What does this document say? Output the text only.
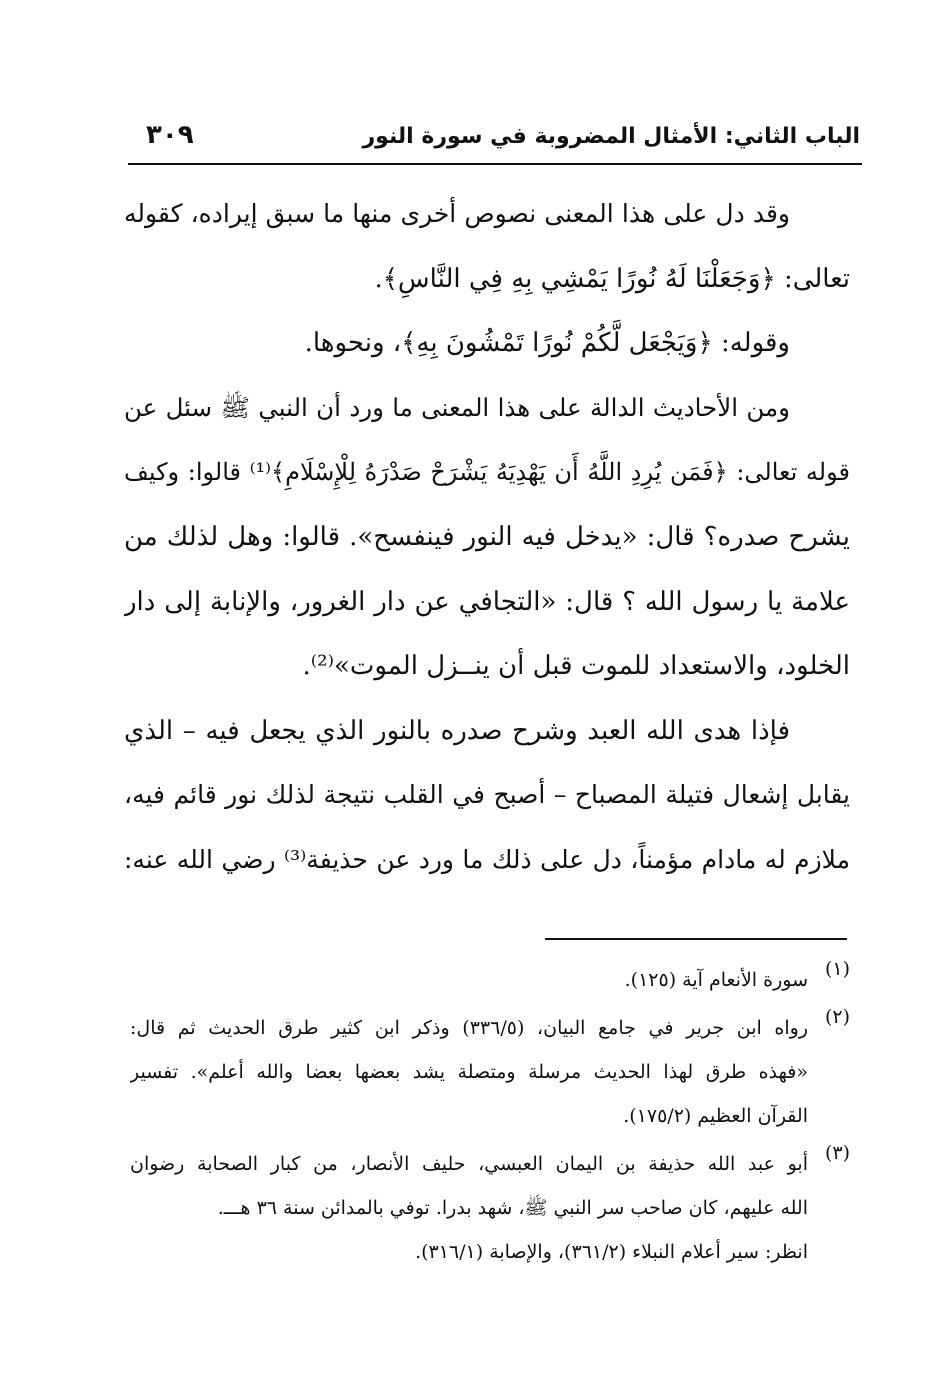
الباب الثاني: الأمثال المضروبة في سورة النور
٣٠٩
وقد دل على هذا المعنى نصوص أخرى منها ما سبق إيراده، كقوله
تعالى: ﴿وَجَعَلْنَا لَهُ نُورًا يَمْشِي بِهِ فِي النَّاسِ﴾.
وقوله: ﴿وَيَجْعَل لَّكُمْ نُورًا تَمْشُونَ بِهِ﴾، ونحوها.
ومن الأحاديث الدالة على هذا المعنى ما ورد أن النبي ﷺ سئل عن
قوله تعالى: ﴿فَمَن يُرِدِ اللَّهُ أَن يَهْدِيَهُ يَشْرَحْ صَدْرَهُ لِلْإِسْلَامِ﴾⁽¹⁾ قالوا: وكيف
يشرح صدره؟ قال: «يدخل فيه النور فينفسح». قالوا: وهل لذلك من
علامة يا رسول الله ؟ قال: «التجافي عن دار الغرور، والإنابة إلى دار
الخلود، والاستعداد للموت قبل أن ينــزل الموت»⁽²⁾.
فإذا هدى الله العبد وشرح صدره بالنور الذي يجعل فيه – الذي
يقابل إشعال فتيلة المصباح – أصبح في القلب نتيجة لذلك نور قائم فيه،
ملازم له مادام مؤمناً، دل على ذلك ما ورد عن حذيفة⁽³⁾ رضي الله عنه:
(١)
سورة الأنعام آية (١٢٥).
(٢)
رواه ابن جرير في جامع البيان، (٣٣٦/٥) وذكر ابن كثير طرق الحديث ثم قال:
«فهذه طرق لهذا الحديث مرسلة ومتصلة يشد بعضها بعضا والله أعلم». تفسير
القرآن العظيم (١٧٥/٢).
(٣)
أبو عبد الله حذيفة بن اليمان العبسي، حليف الأنصار، من كبار الصحابة رضوان
الله عليهم، كان صاحب سر النبي ﷺ، شهد بدرا. توفي بالمدائن سنة ٣٦ هـــ.
انظر: سير أعلام النبلاء (٣٦١/٢)، والإصابة (٣١٦/١).
